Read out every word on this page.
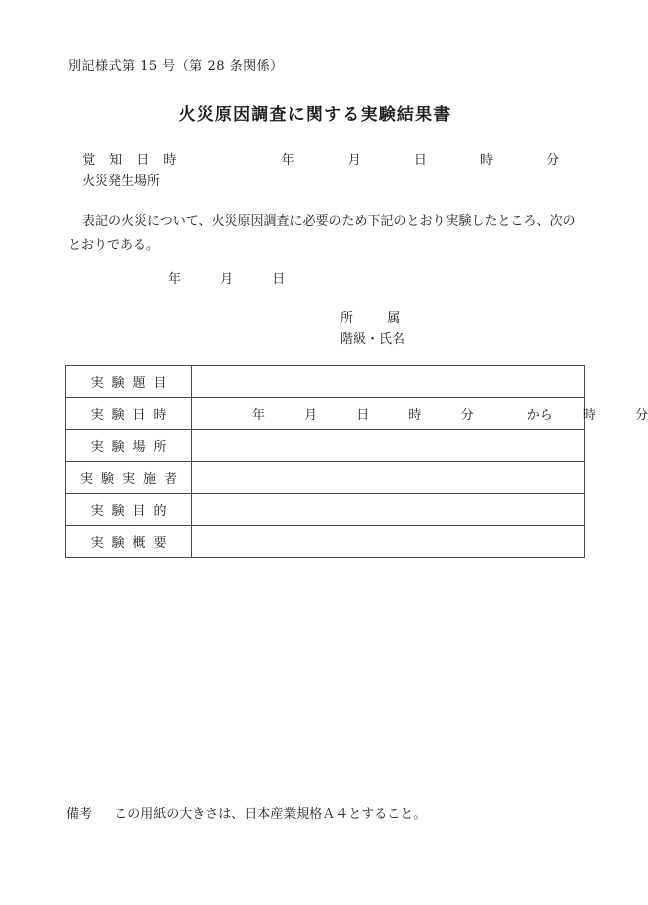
別記様式第 15 号（第 28 条関係）
火災原因調査に関する実験結果書
覚 知 日 時	年	月	日	時	分
火災発生場所
表記の火災について、火災原因調査に必要のため下記のとおり実験したところ、次のとおりである。
年	月	日
所	属
階級・氏名
実験題目	
実験日時	年 月 日 時 分 から 時 分

実験場所	
実験実施者	
実験目的	
実験概要	
備考 この用紙の大きさは、日本産業規格Ａ４とすること。
